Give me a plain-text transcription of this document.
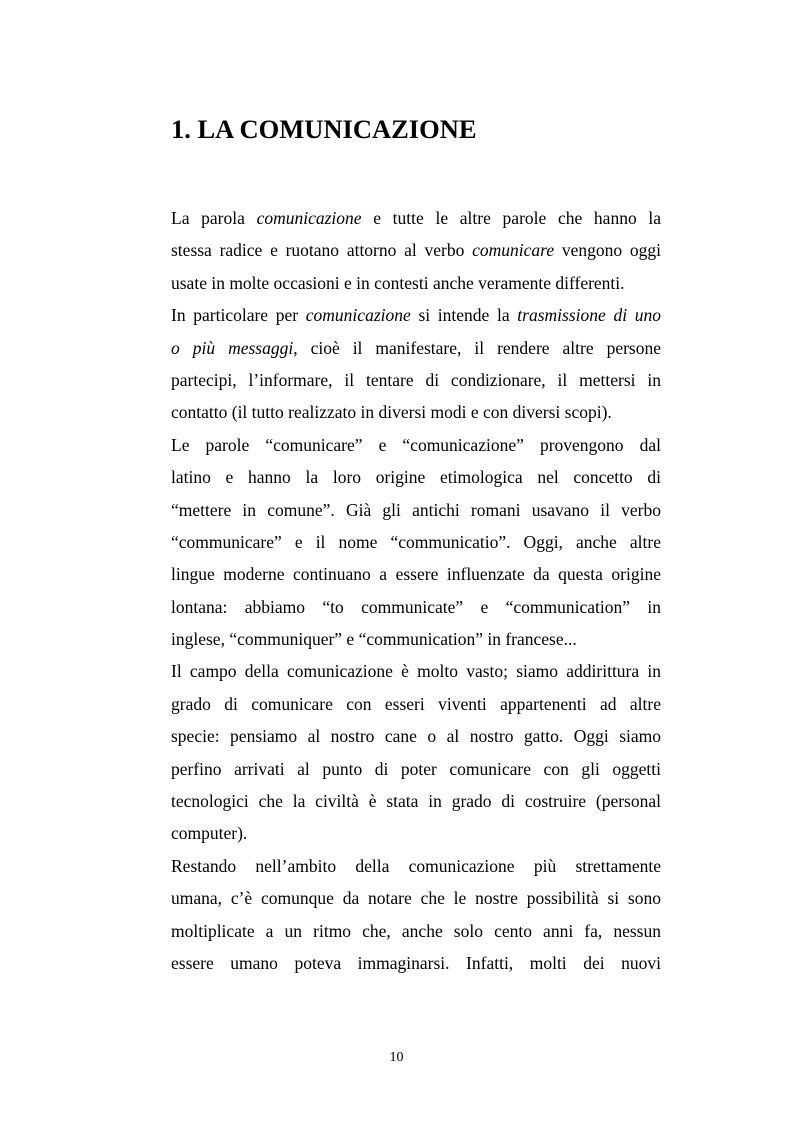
1. LA COMUNICAZIONE

La parola comunicazione e tutte le altre parole che hanno la
stessa radice e ruotano attorno al verbo comunicare vengono oggi
usate in molte occasioni e in contesti anche veramente differenti.

In particolare per comunicazione si intende la trasmissione di uno
o più messaggi, cioè il manifestare, il rendere altre persone
partecipi, l’informare, il tentare di condizionare, il mettersi in
contatto (il tutto realizzato in diversi modi e con diversi scopi).

Le parole “comunicare” e “comunicazione” provengono dal
latino e hanno la loro origine etimologica nel concetto di
“mettere in comune”. Già gli antichi romani usavano il verbo
“communicare” e il nome “communicatio”. Oggi, anche altre
lingue moderne continuano a essere influenzate da questa origine
lontana: abbiamo “to communicate” e “communication” in
inglese, “communiquer” e “communication” in francese...

Il campo della comunicazione è molto vasto; siamo addirittura in
grado di comunicare con esseri viventi appartenenti ad altre
specie: pensiamo al nostro cane o al nostro gatto. Oggi siamo
perfino arrivati al punto di poter comunicare con gli oggetti
tecnologici che la civiltà è stata in grado di costruire (personal
computer).

Restando nell’ambito della comunicazione più strettamente
umana, c’è comunque da notare che le nostre possibilità si sono
moltiplicate a un ritmo che, anche solo cento anni fa, nessun
essere umano poteva immaginarsi. Infatti, molti dei nuovi

10
